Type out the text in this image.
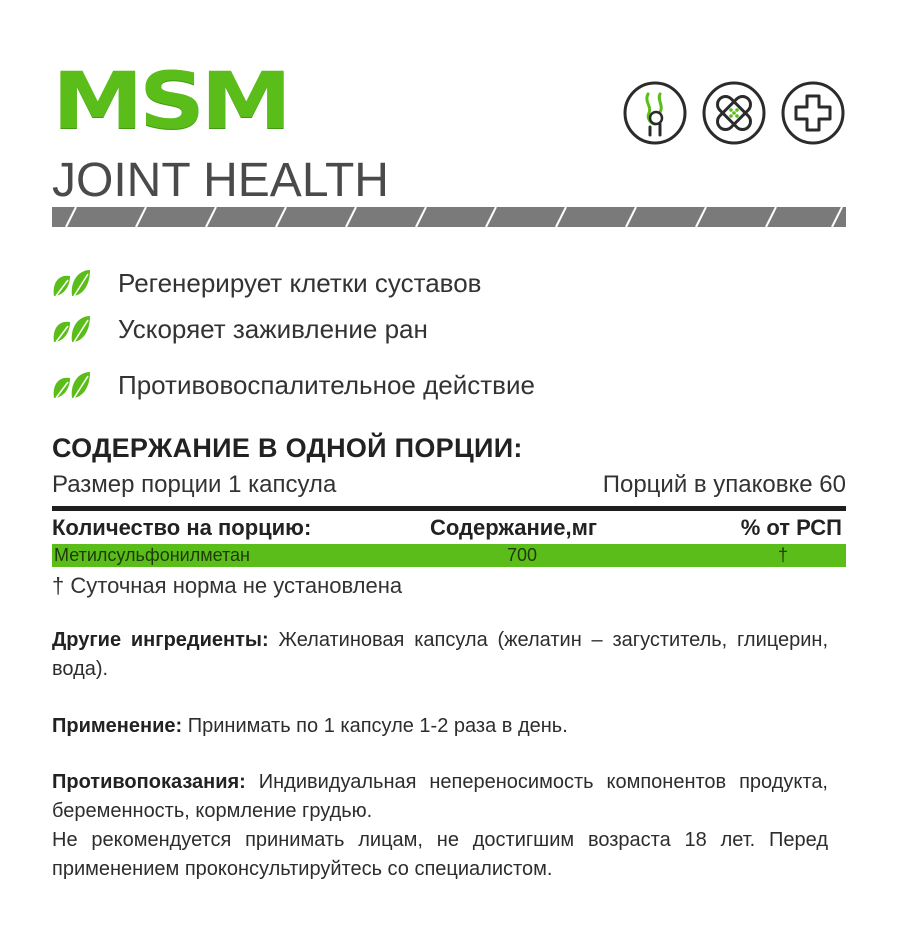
MSM
JOINT HEALTH
Регенерирует клетки суставов
Ускоряет заживление ран
Противовоспалительное действие
СОДЕРЖАНИЕ В ОДНОЙ ПОРЦИИ:
Размер порции 1 капсула	Порций в упаковке 60
Количество на порцию:	Содержание,мг	% от РСП
Метилсульфонилметан	700	†
† Суточная норма не установлена
Другие ингредиенты: Желатиновая капсула (желатин – загуститель, глицерин, вода).
Применение: Принимать по 1 капсуле 1-2 раза в день.
Противопоказания: Индивидуальная непереносимость компонентов продукта, беременность, кормление грудью.
Не рекомендуется принимать лицам, не достигшим возраста 18 лет. Перед применением проконсультируйтесь со специалистом.
